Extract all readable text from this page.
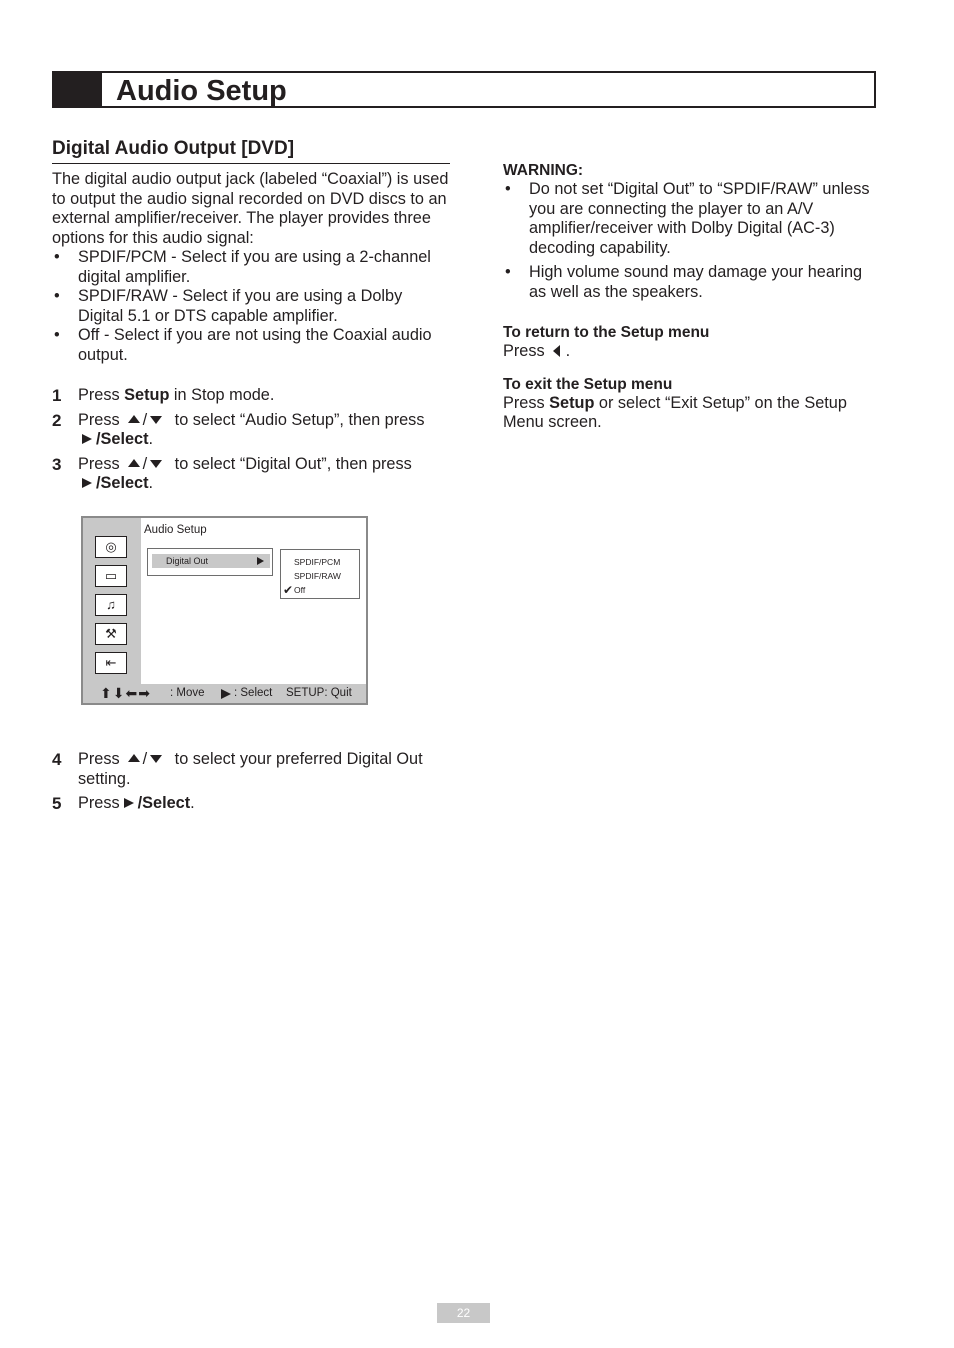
Audio Setup
Digital Audio Output [DVD]

The digital audio output jack (labeled “Coaxial”) is used to output the audio signal recorded on DVD discs to an external amplifier/receiver. The player provides three options for this audio signal:

• SPDIF/PCM - Select if you are using a 2-channel digital amplifier.
• SPDIF/RAW - Select if you are using a Dolby Digital 5.1 or DTS capable amplifier.
• Off - Select if you are not using the Coaxial audio output.
1 Press Setup in Stop mode.
2 Press / to select “Audio Setup”, then press
/Select.
3 Press / to select “Digital Out”, then press
/Select.
◎
▭
♫
⚒
⇤
Audio Setup
Digital Out	SPDIF/PCM
SPDIF/RAW
Off
✔
⬆⬇⬅➡ : Move	: Select SETUP: Quit
4 Press / to select your preferred Digital Out setting.
5 Press /Select.
WARNING:
• Do not set “Digital Out” to “SPDIF/RAW” unless you are connecting the player to an A/V amplifier/receiver with Dolby Digital (AC-3) decoding capability.
• High volume sound may damage your hearing as well as the speakers.
To return to the Setup menu

Press .

To exit the Setup menu

Press Setup or select “Exit Setup” on the Setup Menu screen.

22
